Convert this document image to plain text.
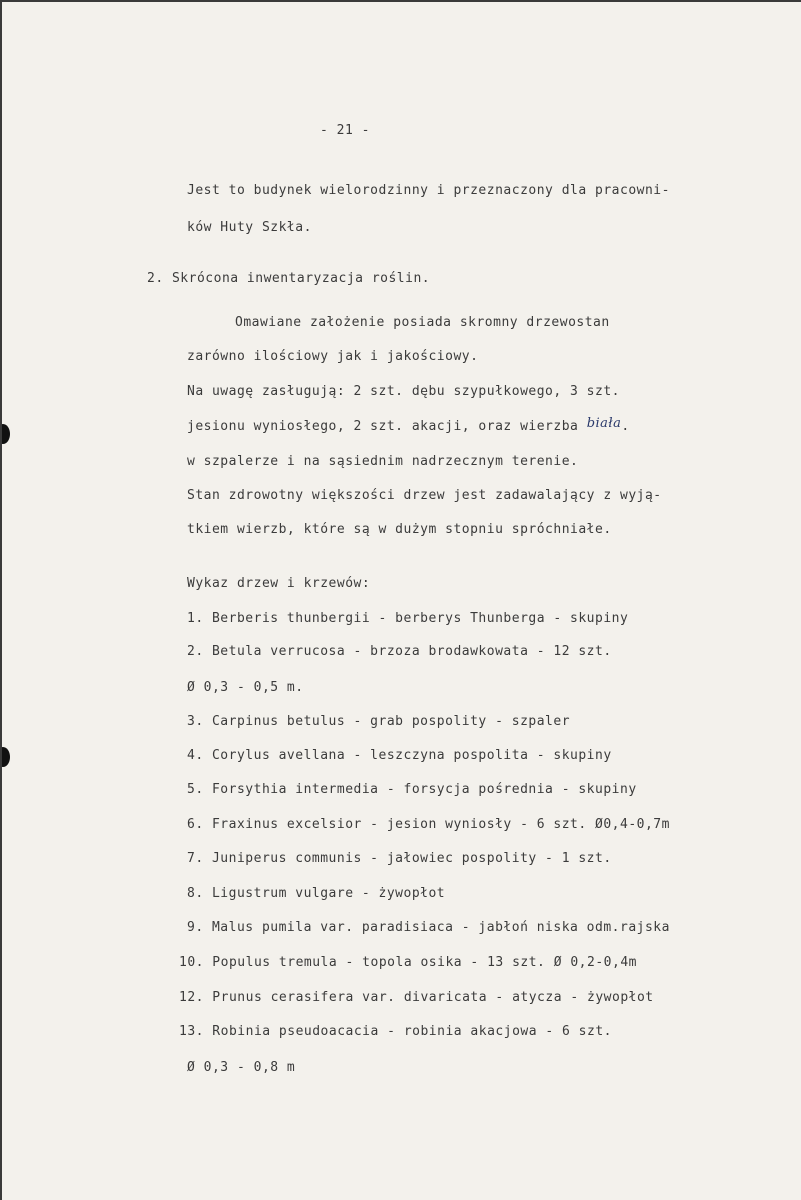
- 21 -
Jest to budynek wielorodzinny i przeznaczony dla pracowni-
ków Huty Szkła.
2. Skrócona inwentaryzacja roślin.
Omawiane założenie posiada skromny drzewostan
zarówno ilościowy jak i jakościowy.
Na uwagę zasługują: 2 szt. dębu szypułkowego, 3 szt.
jesionu wyniosłego, 2 szt. akacji, oraz wierzba biała.
w szpalerze i na sąsiednim nadrzecznym terenie.
Stan zdrowotny większości drzew jest zadawalający z wyją-
tkiem wierzb, które są w dużym stopniu spróchniałe.
Wykaz drzew i krzewów:
1. Berberis thunbergii - berberys Thunberga - skupiny
2. Betula verrucosa - brzoza brodawkowata - 12 szt.
Ø 0,3 - 0,5 m.
3. Carpinus betulus - grab pospolity - szpaler
4. Corylus avellana - leszczyna pospolita - skupiny
5. Forsythia intermedia - forsycja pośrednia - skupiny
6. Fraxinus excelsior - jesion wyniosły - 6 szt. Ø0,4-0,7m
7. Juniperus communis - jałowiec pospolity - 1 szt.
8. Ligustrum vulgare - żywopłot
9. Malus pumila var. paradisiaca - jabłoń niska odm.rajska
10. Populus tremula - topola osika - 13 szt. Ø 0,2-0,4m
12. Prunus cerasifera var. divaricata - atycza - żywopłot
13. Robinia pseudoacacia - robinia akacjowa - 6 szt.
Ø 0,3 - 0,8 m
